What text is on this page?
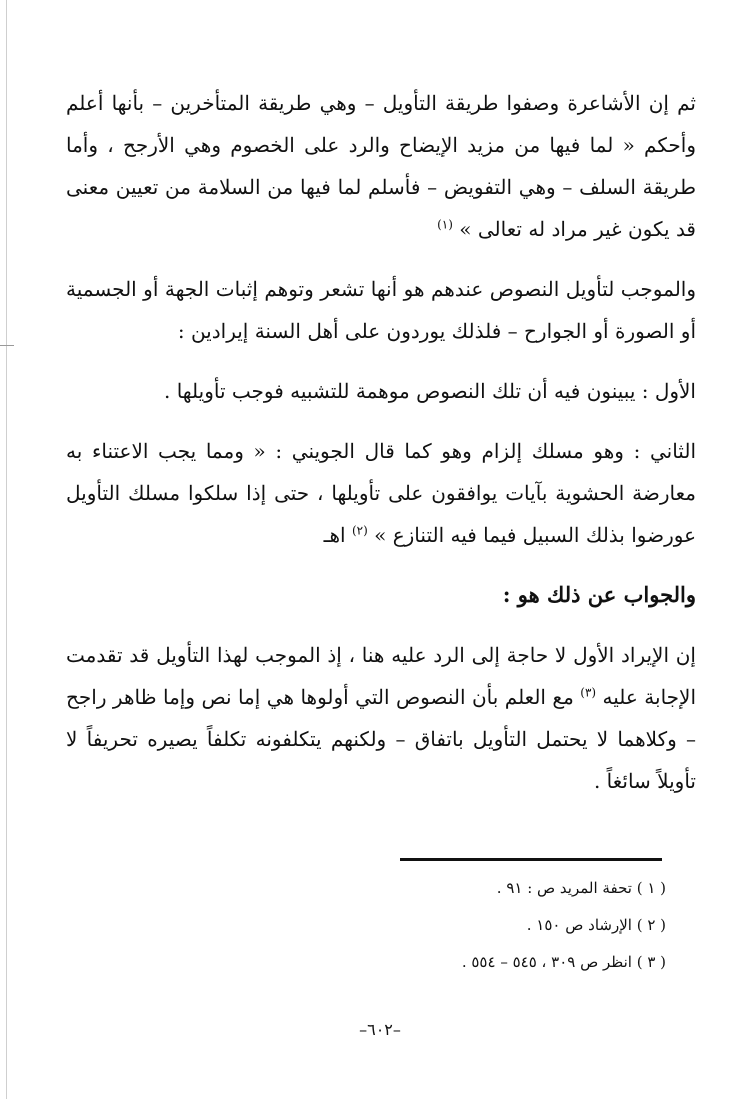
ثم إن الأشاعرة وصفوا طريقة التأويل – وهي طريقة المتأخرين – بأنها أعلم وأحكم « لما فيها من مزيد الإيضاح والرد على الخصوم وهي الأرجح ، وأما طريقة السلف – وهي التفويض – فأسلم لما فيها من السلامة من تعيين معنى قد يكون غير مراد له تعالى » $^{(١)}$

والموجب لتأويل النصوص عندهم هو أنها تشعر وتوهم إثبات الجهة أو الجسمية أو الصورة أو الجوارح – فلذلك يوردون على أهل السنة إيرادين :

الأول : يبينون فيه أن تلك النصوص موهمة للتشبيه فوجب تأويلها .

الثاني : وهو مسلك إلزام وهو كما قال الجويني : « ومما يجب الاعتناء به معارضة الحشوية بآيات يوافقون على تأويلها ، حتى إذا سلكوا مسلك التأويل عورضوا بذلك السبيل فيما فيه التنازع » $^{(٢)}$ اهـ

والجواب عن ذلك هو :

إن الإيراد الأول لا حاجة إلى الرد عليه هنا ، إذ الموجب لهذا التأويل قد تقدمت الإجابة عليه $^{(٣)}$ مع العلم بأن النصوص التي أولوها هي إما نص وإما ظاهر راجح – وكلاهما لا يحتمل التأويل باتفاق – ولكنهم يتكلفونه تكلفاً يصيره تحريفاً لا تأويلاً سائغاً .

( ١ ) تحفة المريد ص : ٩١ .
( ٢ ) الإرشاد ص ١٥٠ .
( ٣ ) انظر ص ٣٠٩ ، ٥٤٥ – ٥٥٤ .
–٦٠٢–
